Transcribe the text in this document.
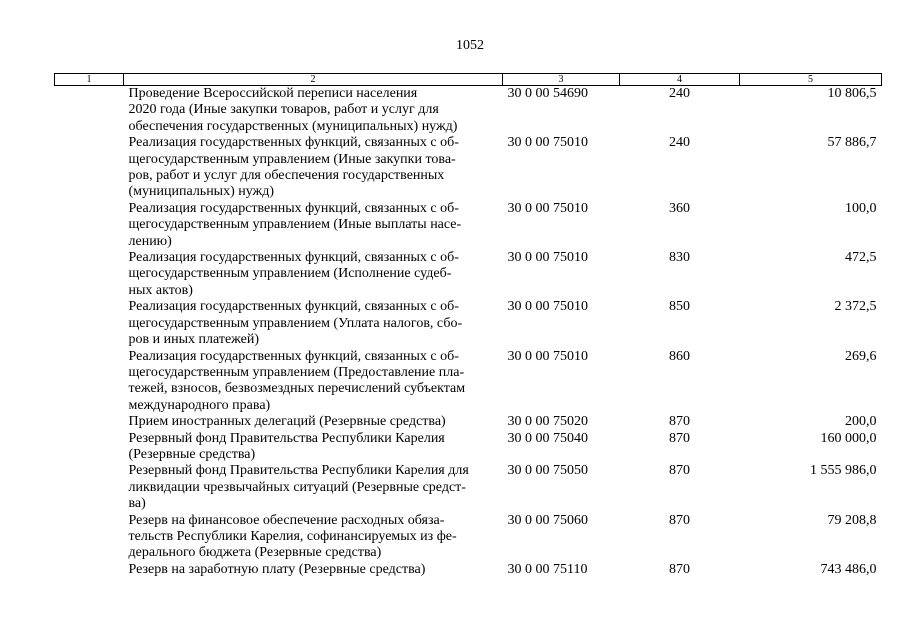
1052
1	2	3	4	5

	Проведение Всероссийской переписи населения
2020 года (Иные закупки товаров, работ и услуг для
обеспечения государственных (муниципальных) нужд)	30 0 00 54690	240	10 806,5

	Реализация государственных функций, связанных с об-
щегосударственным управлением (Иные закупки това-
ров, работ и услуг для обеспечения государственных
(муниципальных) нужд)	30 0 00 75010	240	57 886,7

	Реализация государственных функций, связанных с об-
щегосударственным управлением (Иные выплаты насе-
лению)	30 0 00 75010	360	100,0

	Реализация государственных функций, связанных с об-
щегосударственным управлением (Исполнение судеб-
ных актов)	30 0 00 75010	830	472,5

	Реализация государственных функций, связанных с об-
щегосударственным управлением (Уплата налогов, сбо-
ров и иных платежей)	30 0 00 75010	850	2 372,5

	Реализация государственных функций, связанных с об-
щегосударственным управлением (Предоставление пла-
тежей, взносов, безвозмездных перечислений субъектам
международного права)	30 0 00 75010	860	269,6

	Прием иностранных делегаций (Резервные средства)	30 0 00 75020	870	200,0

	Резервный фонд Правительства Республики Карелия
(Резервные средства)	30 0 00 75040	870	160 000,0

	Резервный фонд Правительства Республики Карелия для
ликвидации чрезвычайных ситуаций (Резервные средст-
ва)	30 0 00 75050	870	1 555 986,0

	Резерв на финансовое обеспечение расходных обяза-
тельств Республики Карелия, софинансируемых из фе-
дерального бюджета (Резервные средства)	30 0 00 75060	870	79 208,8

	Резерв на заработную плату (Резервные средства)	30 0 00 75110	870	743 486,0
